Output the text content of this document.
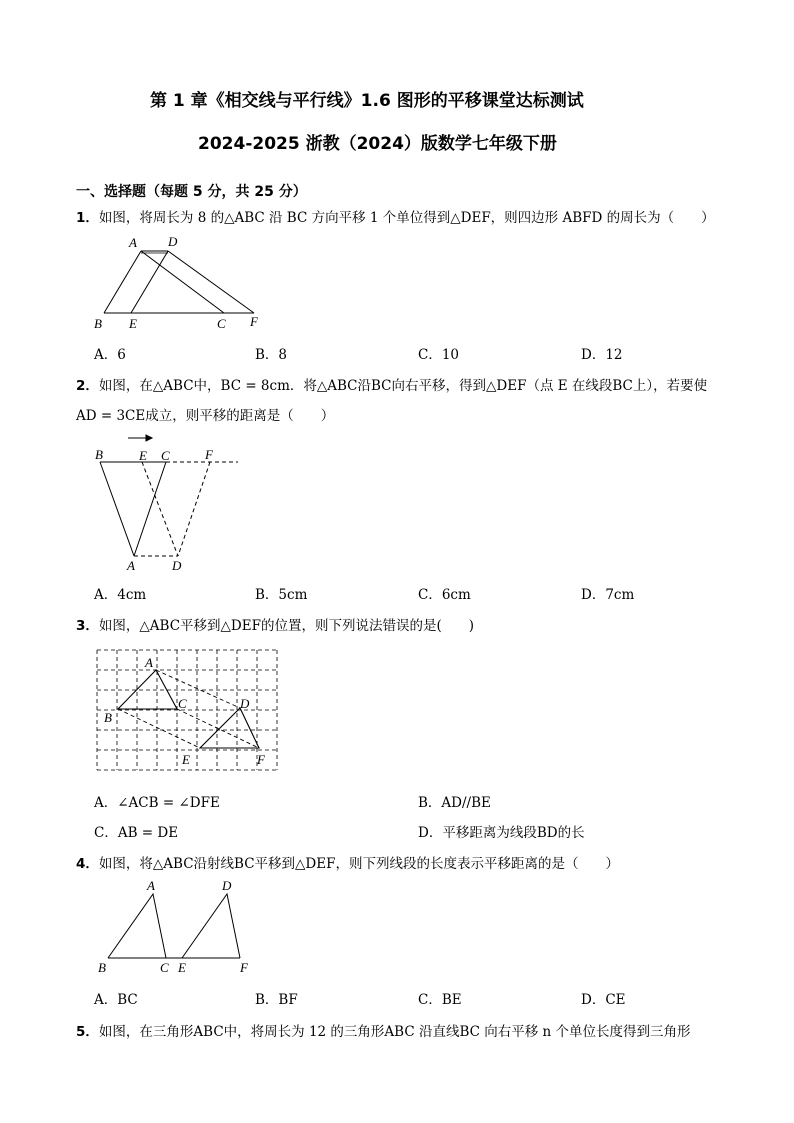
第 1 章《相交线与平行线》1.6 图形的平移课堂达标测试
2024-2025 浙教（2024）版数学七年级下册
一、选择题（每题 5 分，共 25 分）
1．如图，将周长为 8 的△ABC 沿 BC 方向平移 1 个单位得到△DEF，则四边形 ABFD 的周长为（　　）
A D
B E	C F
A．6	B．8	C．10	D．12
2．如图，在△ABC中，BC = 8cm．将△ABC沿BC向右平移，得到△DEF（点 E 在线段BC上），若要使
AD = 3CE成立，则平移的距离是（　　）
B	E C	F
A	D
A．4cm	B．5cm	C．6cm	D．7cm
3．如图，△ABC平移到△DEF的位置，则下列说法错误的是(　　)
A
B
C	D
E	F
A．∠ACB = ∠DFE	B．AD//BE
C．AB = DE	D．平移距离为线段BD的长
4．如图，将△ABC沿射线BC平移到△DEF，则下列线段的长度表示平移距离的是（　　）
A	D
B	C E	F
A．BC	B．BF	C．BE	D．CE
5．如图，在三角形ABC中，将周长为 12 的三角形ABC 沿直线BC 向右平移 n 个单位长度得到三角形
